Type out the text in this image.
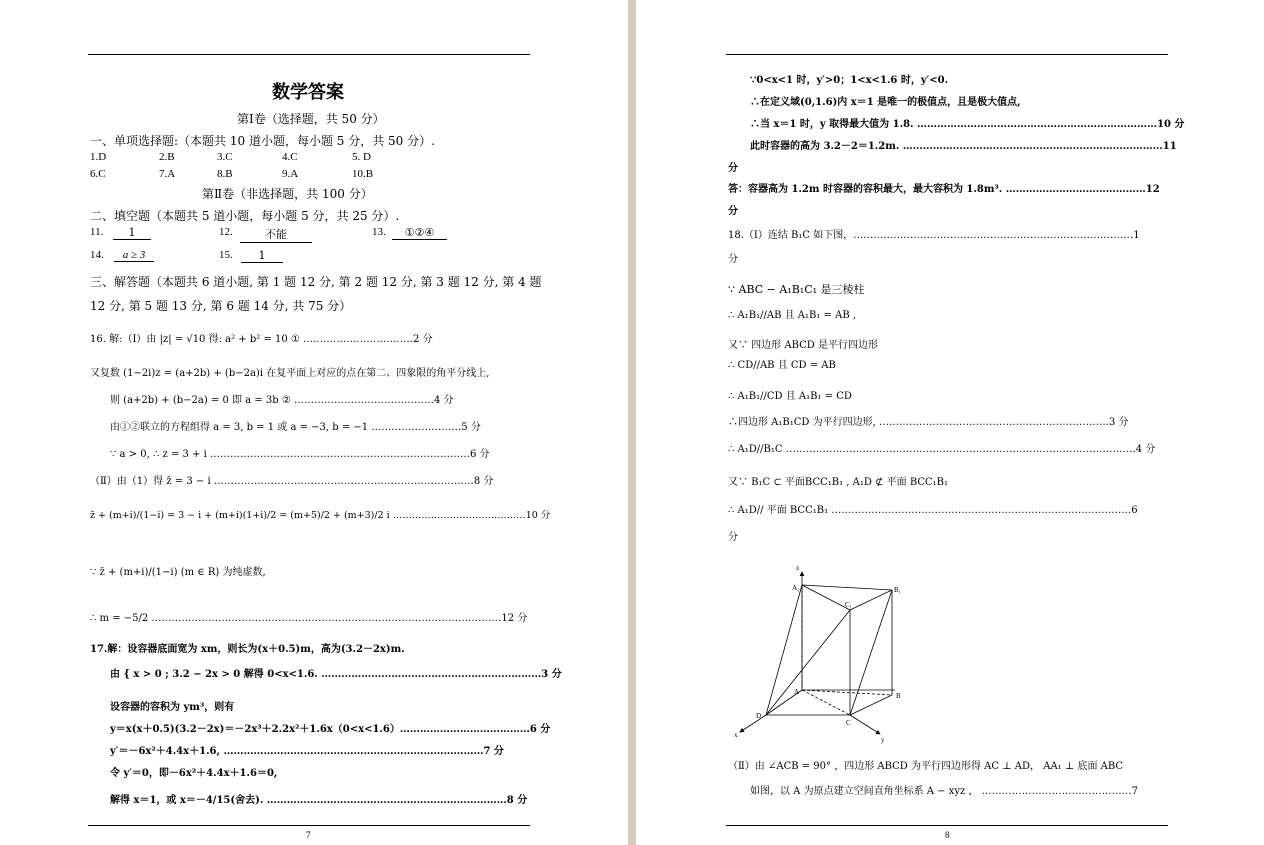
数学答案
第Ⅰ卷（选择题，共 50 分）
一、单项选择题:（本题共 10 道小题，每小题 5 分，共 50 分）.
1.D	2.B	3.C	4.C	5. D
6.C	7.A	8.B	9.A	10.B
第Ⅱ卷（非选择题，共 100 分）
二、填空题（本题共 5 道小题，每小题 5 分，共 25 分）.
11.	1	12.	不能	13.	①②④
14.	a ≥ 3	15.	1
三、解答题（本题共 6 道小题, 第 1 题 12 分, 第 2 题 12 分, 第 3 题 12 分, 第 4 题
12 分, 第 5 题 13 分, 第 6 题 14 分, 共 75 分）
16. 解:（Ⅰ）由 |z| = √10 得: a² + b² = 10 ① ……………………………2 分
又复数 (1−2i)z = (a+2b) + (b−2a)i 在复平面上对应的点在第二、四象限的角平分线上,
则 (a+2b) + (b−2a) = 0 即 a = 3b ② ……………………………………4 分
由①②联立的方程组得 a = 3, b = 1 或 a = −3, b = −1 ………………………5 分
∵ a > 0, ∴ z = 3 + i ……………………………………………………………………6 分
（Ⅱ）由（1）得 z̄ = 3 − i ……………………………………………………………………8 分
z̄ + (m+i)/(1−i) = 3 − i + (m+i)(1+i)/2 = (m+5)/2 + (m+3)/2 i ……………………………………10 分
∵ z̄ + (m+i)/(1−i) (m ∈ R) 为纯虚数,
∴ m = −5/2 ……………………………………………………………………………………………12 分
17.解：设容器底面宽为 xm，则长为(x＋0.5)m，高为(3.2－2x)m.
由 { x > 0 ; 3.2 − 2x > 0 解得 0<x<1.6. …………………………………………………………3 分
设容器的容积为 ym³，则有
y＝x(x＋0.5)(3.2－2x)＝－2x³＋2.2x²＋1.6x（0<x<1.6）…………………………………6 分
y′＝－6x²＋4.4x＋1.6, ……………………………………………………………………7 分
令 y′＝0，即－6x²＋4.4x＋1.6＝0,
解得 x＝1，或 x＝－4/15(舍去). ………………………………………………………………8 分
7
∵0<x<1 时，y′>0；1<x<1.6 时，y′<0.
∴在定义域(0,1.6)内 x＝1 是唯一的极值点，且是极大值点,
∴当 x＝1 时，y 取得最大值为 1.8. ………………………………………………………………10 分
此时容器的高为 3.2－2＝1.2m. ……………………………………………………………………11
分
答：容器高为 1.2m 时容器的容积最大，最大容积为 1.8m³. ……………………………………12
分
18.（Ⅰ）连结 B₁C 如下图，…………………………………………………………………………1
分
∵ ABC − A₁B₁C₁ 是三棱柱
∴ A₁B₁//AB 且 A₁B₁ = AB ,
又∵ 四边形 ABCD 是平行四边形
∴ CD//AB 且 CD = AB
∴ A₁B₁//CD 且 A₁B₁ = CD
∴四边形 A₁B₁CD 为平行四边形, ……………………………………………………………3 分
∴ A₁D//B₁C ……………………………………………………………………………………………4 分
又∵ B₁C ⊂ 平面BCC₁B₁ , A₁D ⊄ 平面 BCC₁B₁
∴ A₁D// 平面 BCC₁B₁ ………………………………………………………………………………6
分
z
A₁
C₁
B₁
A	B
D
C
x
y
（Ⅱ）由 ∠ACB = 90° ，四边形 ABCD 为平行四边形得 AC ⊥ AD， AA₁ ⊥ 底面 ABC
如图，以 A 为原点建立空间直角坐标系 A − xyz ， ………………………………………7
8
